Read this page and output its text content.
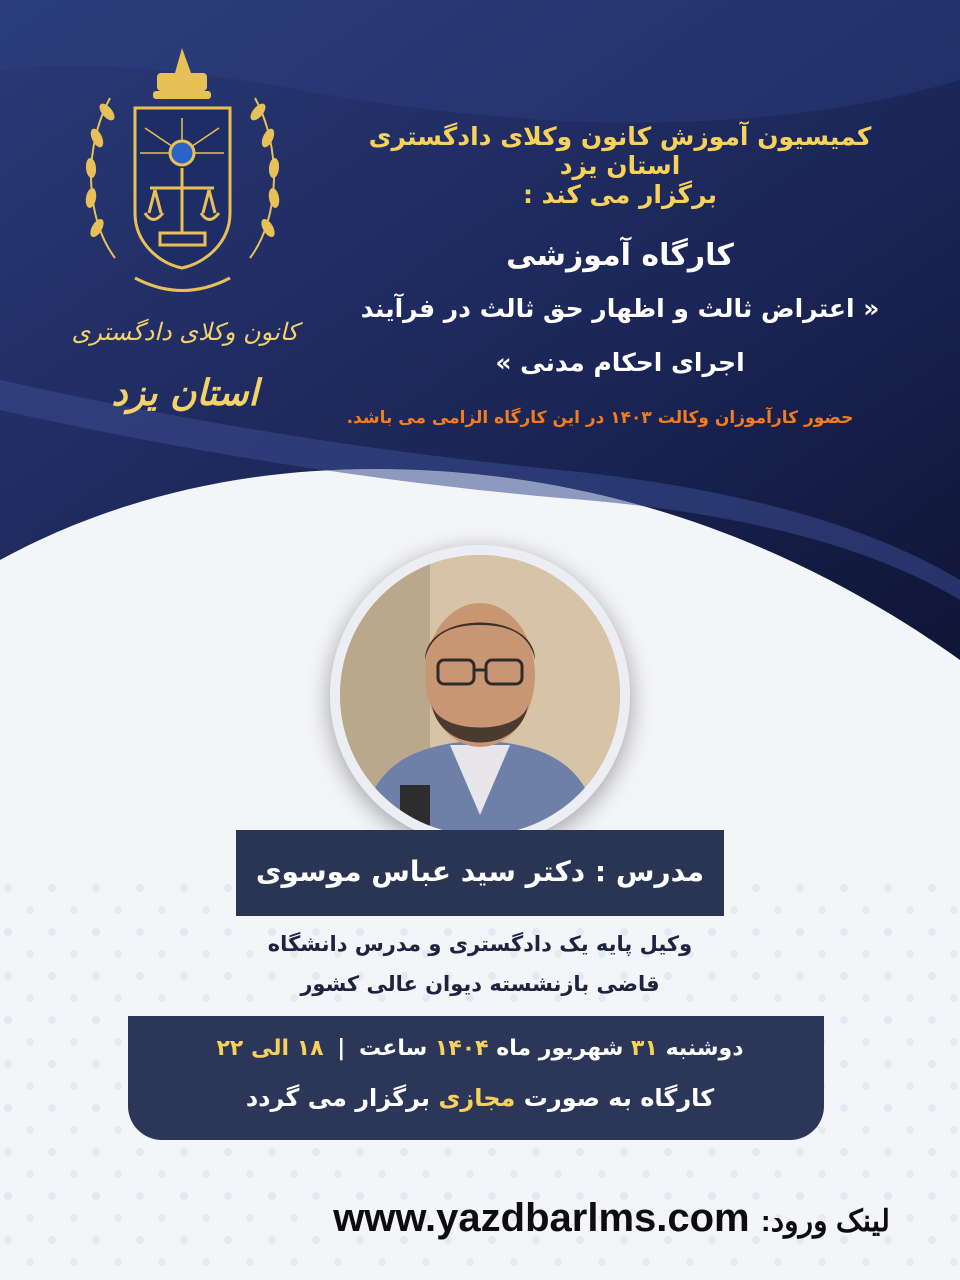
کانون وکلای دادگستری
استان یزد
کمیسیون آموزش کانون وکلای دادگستری استان یزد
برگزار می کند :
کارگاه آموزشی
« اعتراض ثالث و اظهار حق ثالث در فرآیند
اجرای احکام مدنی »
حضور کارآموزان وکالت ۱۴۰۳ در این کارگاه الزامی می باشد.
مدرس : دکتر سید عباس موسوی
وکیل پایه یک دادگستری و مدرس دانشگاه
قاضی بازنشسته دیوان عالی کشور
دوشنبه ۳۱ شهریور ماه ۱۴۰۴ ساعت | ۱۸ الی ۲۲
کارگاه به صورت مجازی برگزار می گردد
لینک ورود: www.yazdbarlms.com
